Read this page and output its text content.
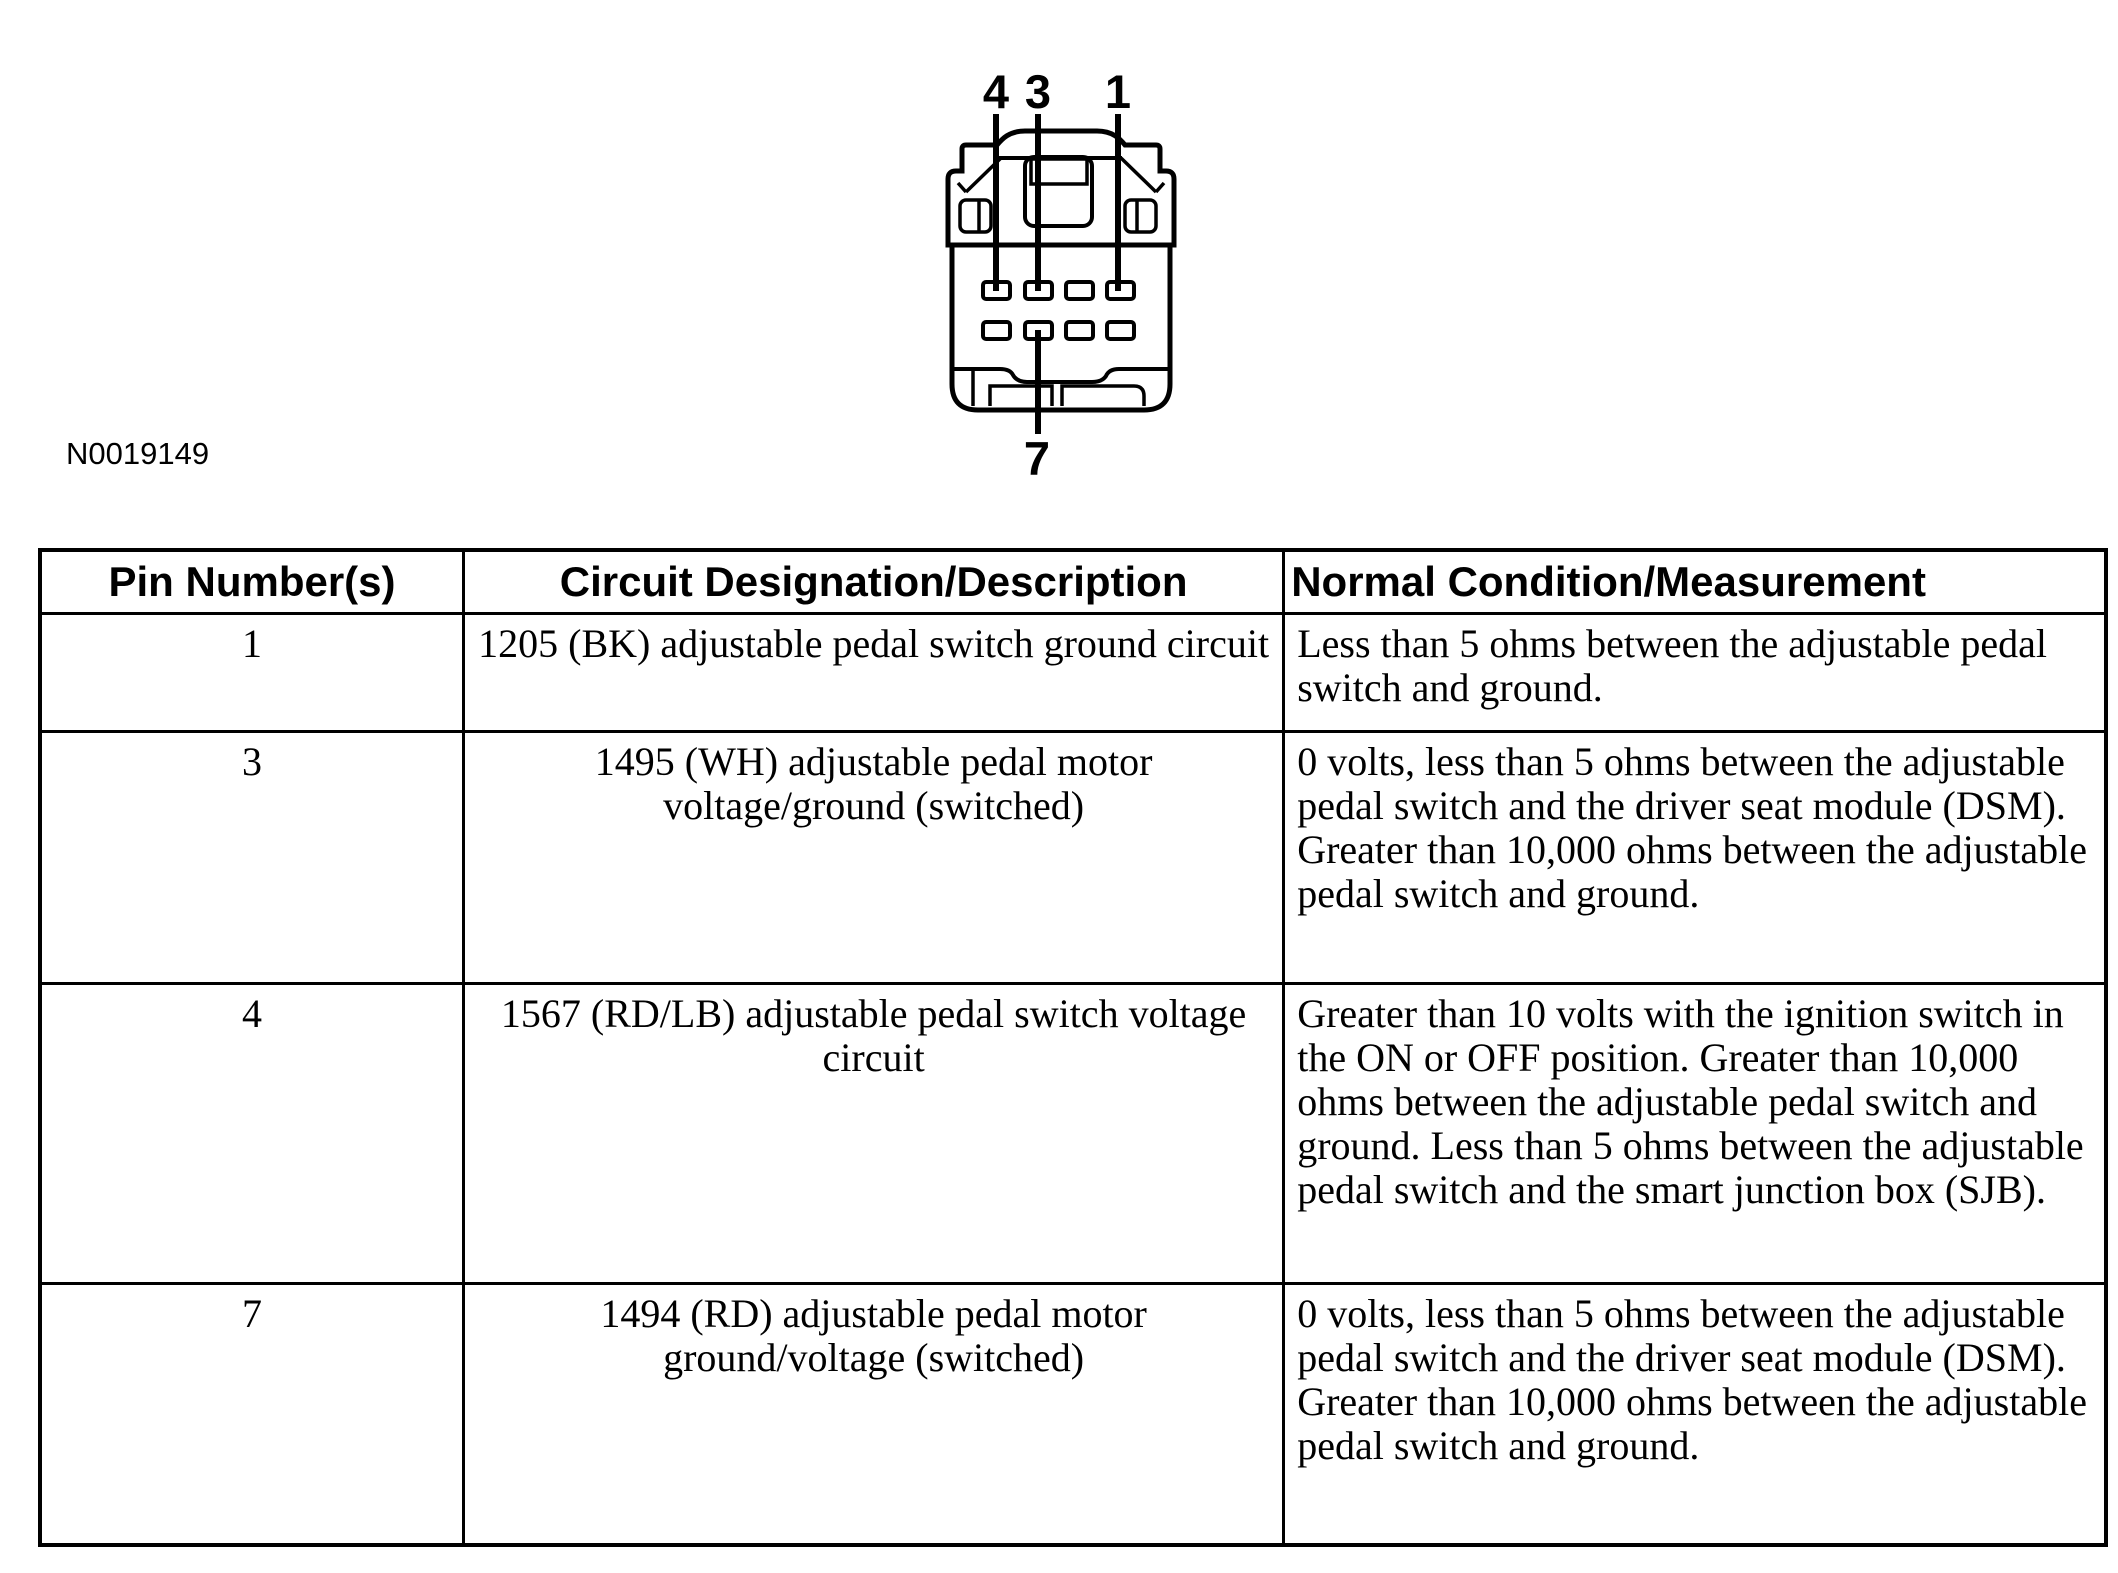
N0019149
4 3 1
7
Pin Number(s)	Circuit Designation/Description	Normal Condition/Measurement
1	1205 (BK) adjustable pedal switch ground circuit	Less than 5 ohms between the adjustable pedal switch and ground.
3	1495 (WH) adjustable pedal motor voltage/ground (switched)	0 volts, less than 5 ohms between the adjustable pedal switch and the driver seat module (DSM). Greater than 10,000 ohms between the adjustable pedal switch and ground.
4	1567 (RD/LB) adjustable pedal switch voltage circuit	Greater than 10 volts with the ignition switch in the ON or OFF position. Greater than 10,000 ohms between the adjustable pedal switch and ground. Less than 5 ohms between the adjustable pedal switch and the smart junction box (SJB).
7	1494 (RD) adjustable pedal motor ground/voltage (switched)	0 volts, less than 5 ohms between the adjustable pedal switch and the driver seat module (DSM). Greater than 10,000 ohms between the adjustable pedal switch and ground.
